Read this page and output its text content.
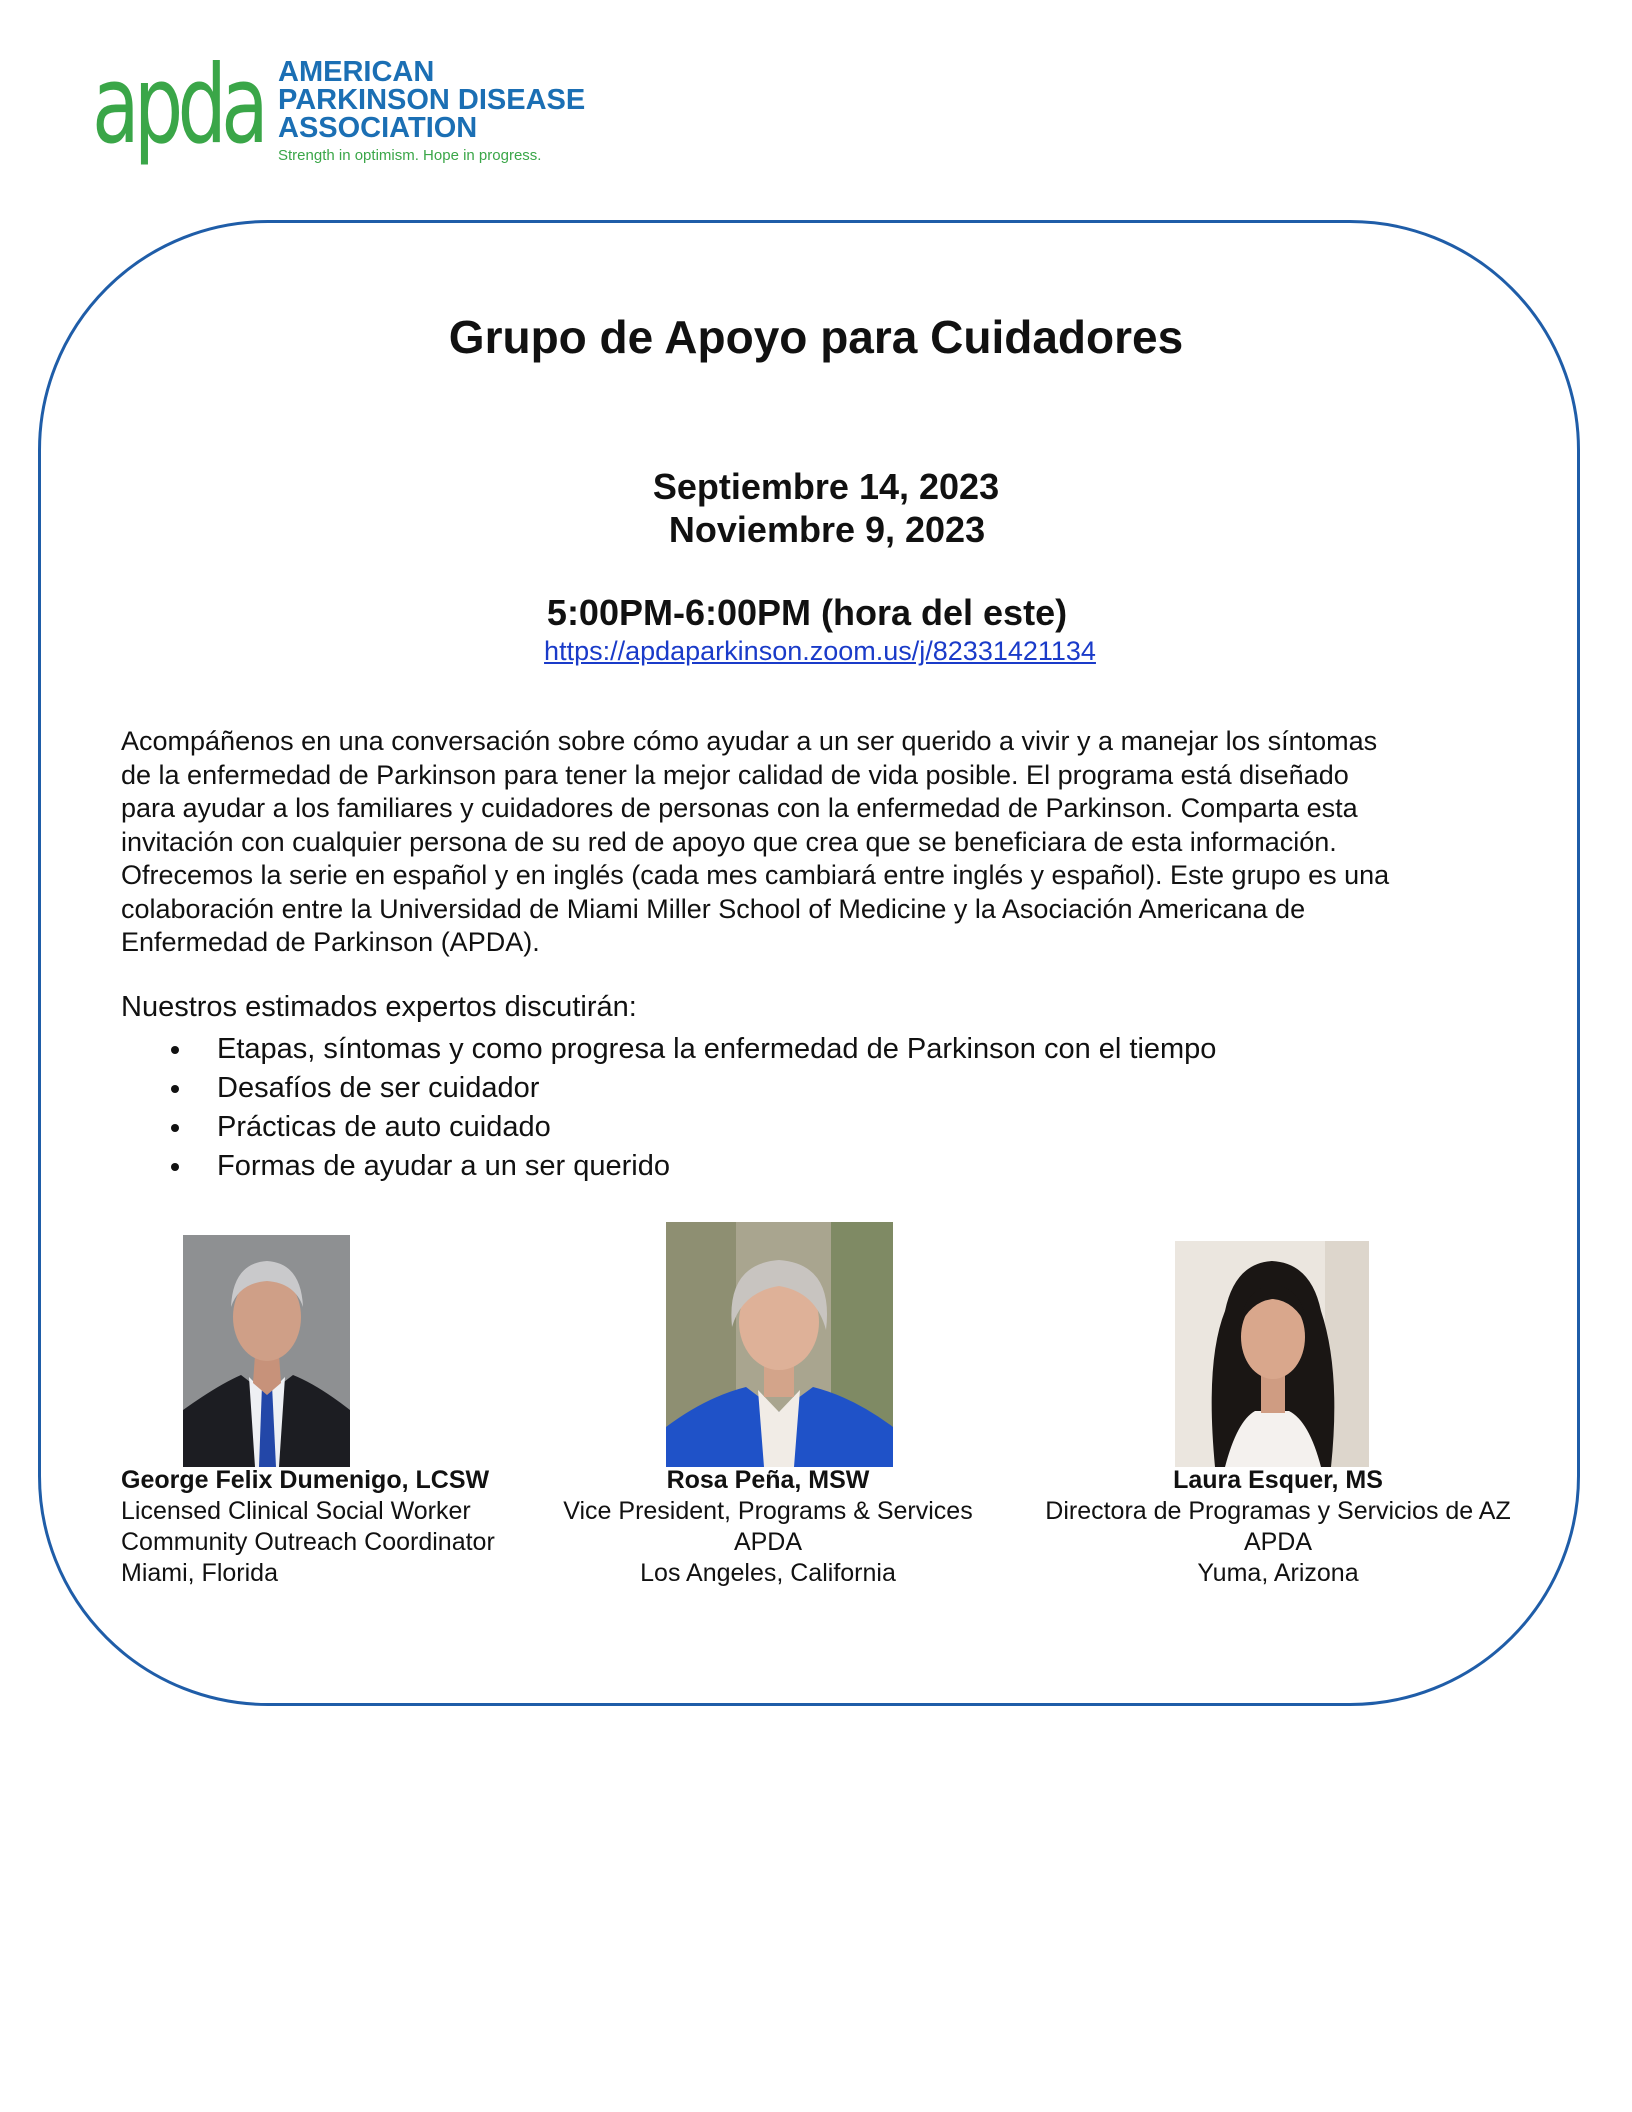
apda AMERICAN
PARKINSON DISEASE
ASSOCIATION
Strength in optimism. Hope in progress.
Grupo de Apoyo para Cuidadores
Septiembre 14, 2023
Noviembre 9, 2023
5:00PM-6:00PM (hora del este)
https://apdaparkinson.zoom.us/j/82331421134
Acompáñenos en una conversación sobre cómo ayudar a un ser querido a vivir y a manejar los síntomas
de la enfermedad de Parkinson para tener la mejor calidad de vida posible. El programa está diseñado
para ayudar a los familiares y cuidadores de personas con la enfermedad de Parkinson. Comparta esta
invitación con cualquier persona de su red de apoyo que crea que se beneficiara de esta información.
Ofrecemos la serie en español y en inglés (cada mes cambiará entre inglés y español). Este grupo es una
colaboración entre la Universidad de Miami Miller School of Medicine y la Asociación Americana de
Enfermedad de Parkinson (APDA).
Nuestros estimados expertos discutirán:
Etapas, síntomas y como progresa la enfermedad de Parkinson con el tiempo
Desafíos de ser cuidador
Prácticas de auto cuidado
Formas de ayudar a un ser querido
George Felix Dumenigo, LCSW
Licensed Clinical Social Worker
Community Outreach Coordinator
Miami, Florida
Rosa Peña, MSW
Vice President, Programs & Services
APDA
Los Angeles, California
Laura Esquer, MS
Directora de Programas y Servicios de AZ
APDA
Yuma, Arizona
